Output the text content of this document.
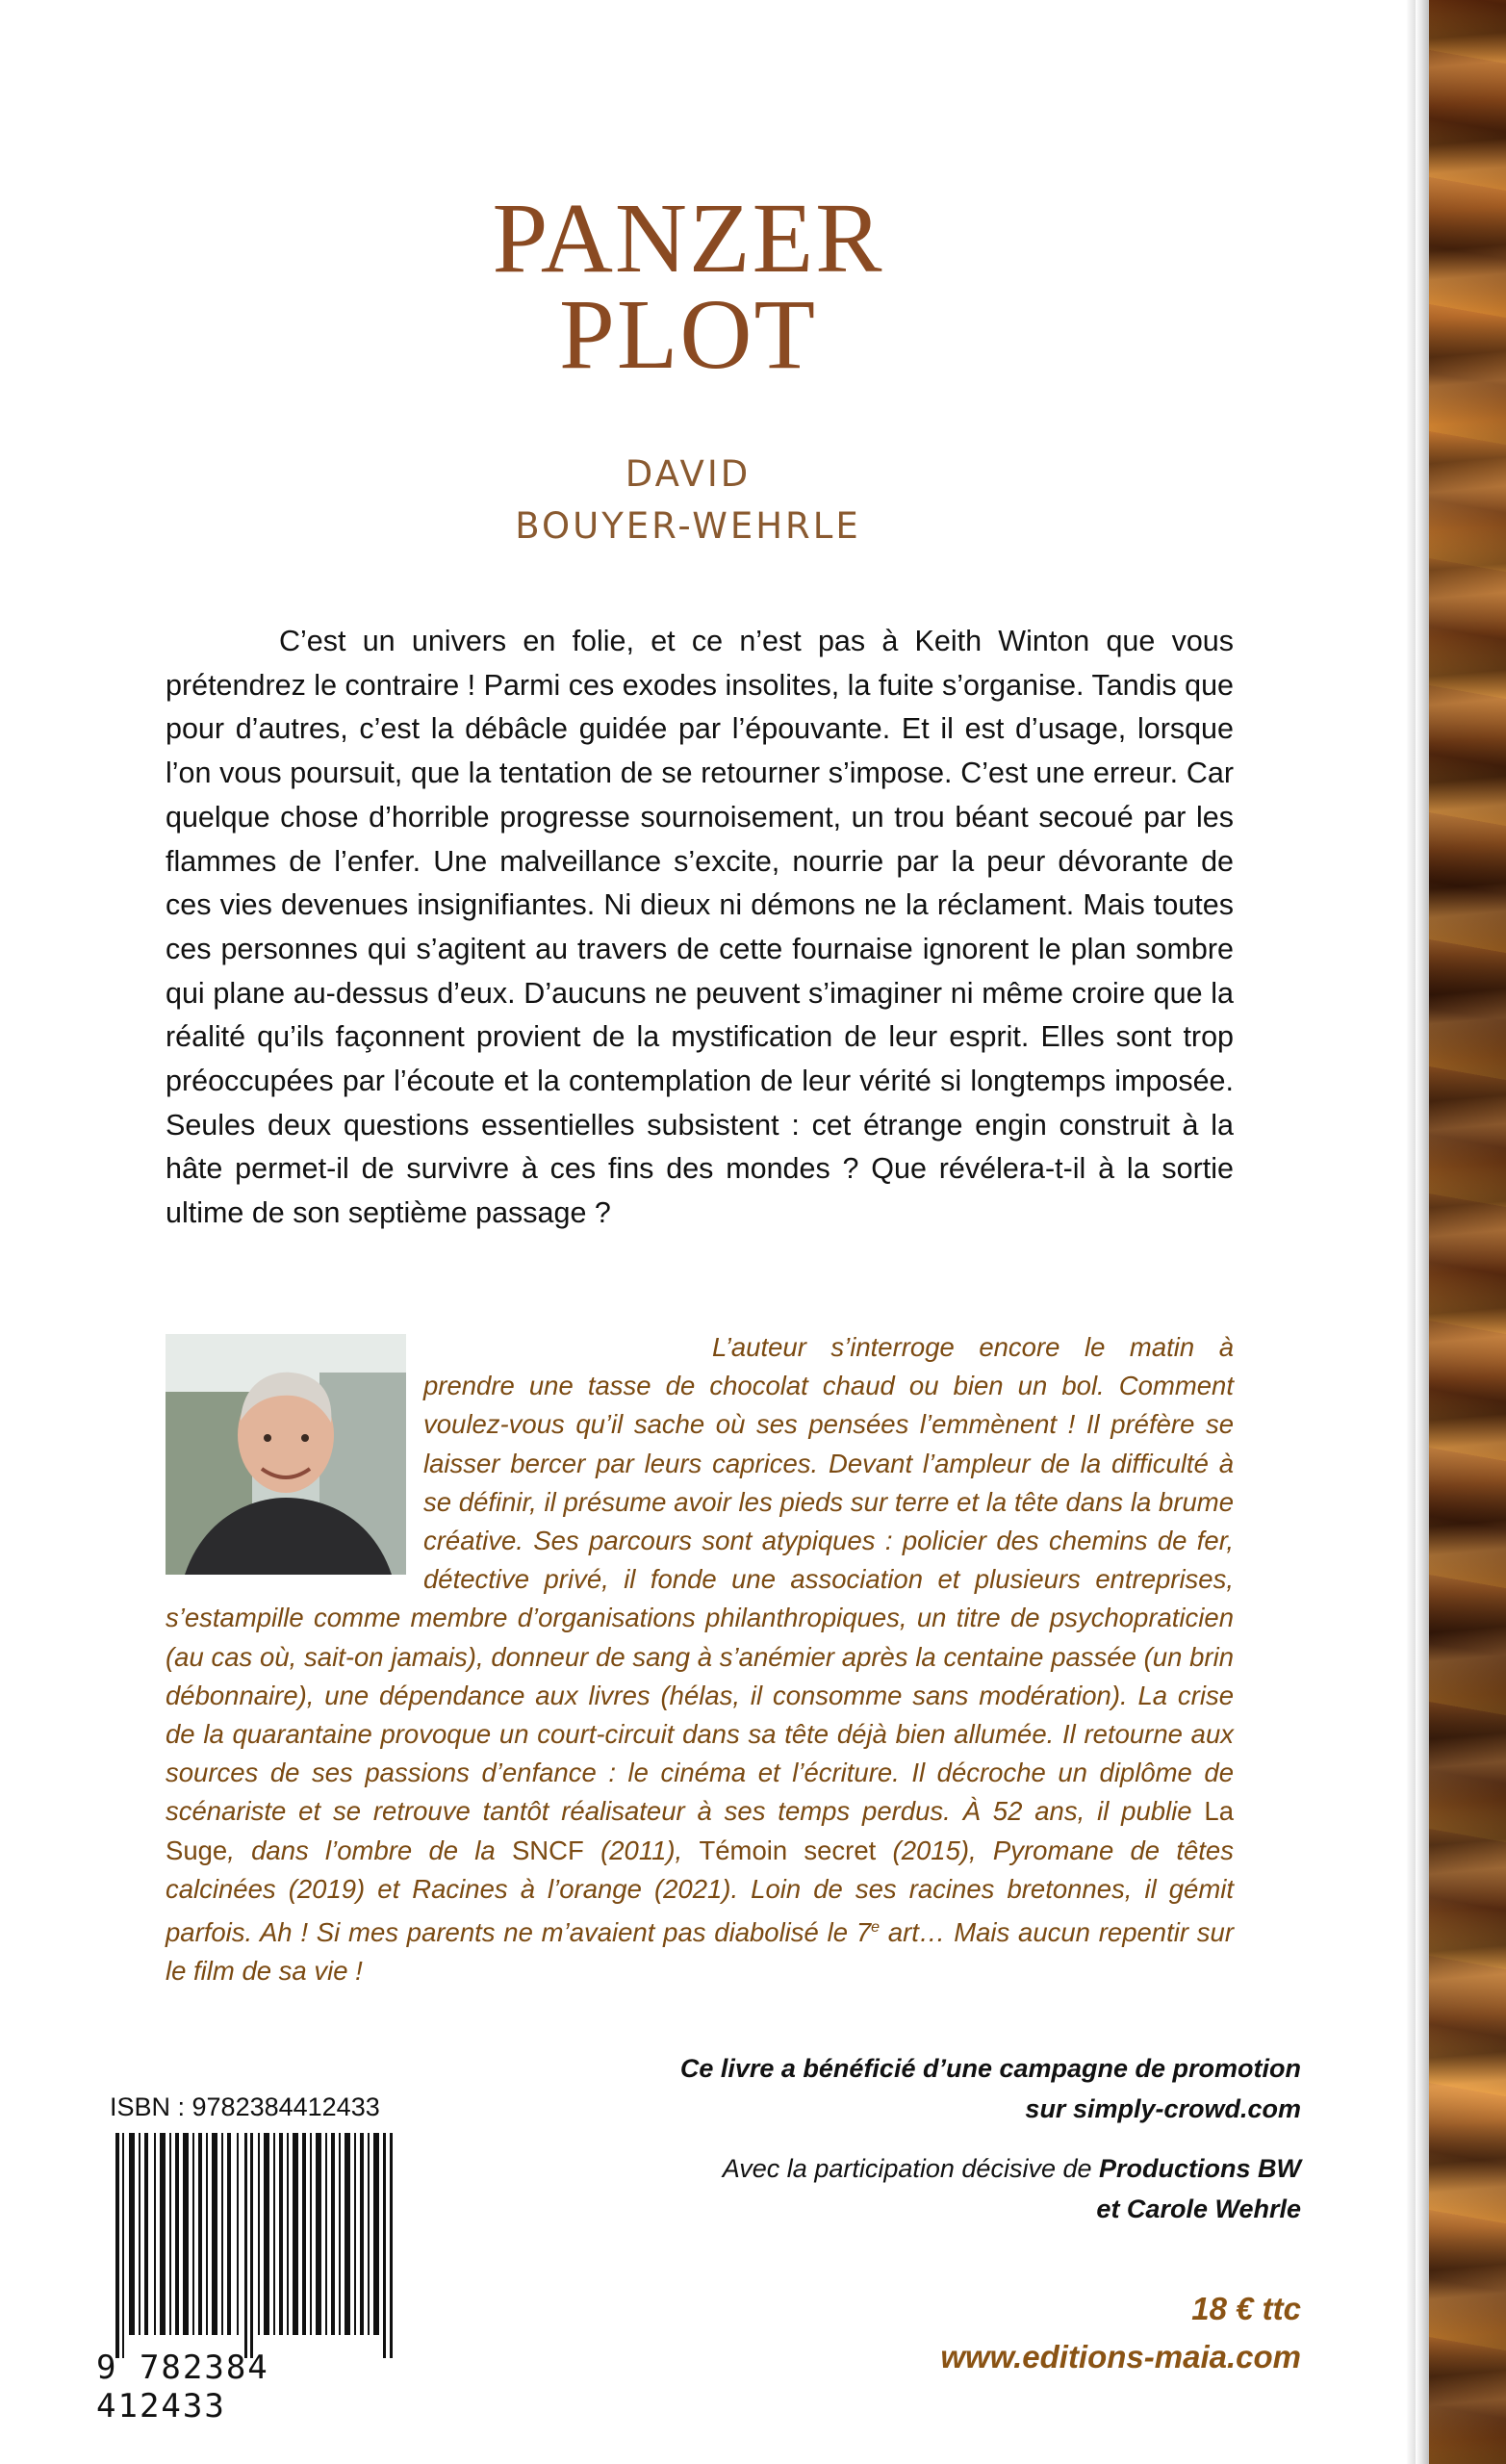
PANZER
PLOT
DAVID
BOUYER-WEHRLE

C’est un univers en folie, et ce n’est pas à Keith Winton que vous prétendrez le contraire ! Parmi ces exodes insolites, la fuite s’organise. Tandis que pour d’autres, c’est la débâcle guidée par l’épouvante. Et il est d’usage, lorsque l’on vous poursuit, que la tentation de se retourner s’impose. C’est une erreur. Car quelque chose d’horrible progresse sournoisement, un trou béant secoué par les flammes de l’enfer. Une malveillance s’excite, nourrie par la peur dévorante de ces vies devenues insignifiantes. Ni dieux ni démons ne la réclament. Mais toutes ces personnes qui s’agitent au travers de cette fournaise ignorent le plan sombre qui plane au-dessus d’eux. D’aucuns ne peuvent s’imaginer ni même croire que la réalité qu’ils façonnent provient de la mystification de leur esprit. Elles sont trop préoccupées par l’écoute et la contemplation de leur vérité si longtemps imposée. Seules deux questions essentielles subsistent : cet étrange engin construit à la hâte permet-il de survivre à ces fins des mondes ? Que révélera-t-il à la sortie ultime de son septième passage ?

L’auteur s’interroge encore le matin à prendre une tasse de chocolat chaud ou bien un bol. Comment voulez-vous qu’il sache où ses pensées l’emmènent ! Il préfère se laisser bercer par leurs caprices. Devant l’ampleur de la difficulté à se définir, il présume avoir les pieds sur terre et la tête dans la brume créative. Ses parcours sont atypiques : policier des chemins de fer, détective privé, il fonde une association et plusieurs entreprises, s’estampille comme membre d’organisations philanthropiques, un titre de psychopraticien (au cas où, sait-on jamais), donneur de sang à s’anémier après la centaine passée (un brin débonnaire), une dépendance aux livres (hélas, il consomme sans modération). La crise de la quarantaine provoque un court-circuit dans sa tête déjà bien allumée. Il retourne aux sources de ses passions d’enfance : le cinéma et l’écriture. Il décroche un diplôme de scénariste et se retrouve tantôt réalisateur à ses temps perdus. À 52 ans, il publie La Suge, dans l’ombre de la SNCF (2011), Témoin secret (2015), Pyromane de têtes calcinées (2019) et Racines à l’orange (2021). Loin de ses racines bretonnes, il gémit parfois. Ah ! Si mes parents ne m’avaient pas diabolisé le 7e art… Mais aucun repentir sur le film de sa vie !

ISBN : 9782384412433
9 782384 412433
Ce livre a bénéficié d’une campagne de promotion
sur simply-crowd.com
Avec la participation décisive de Productions BW
et Carole Wehrle
18 € ttc
www.editions-maia.com
